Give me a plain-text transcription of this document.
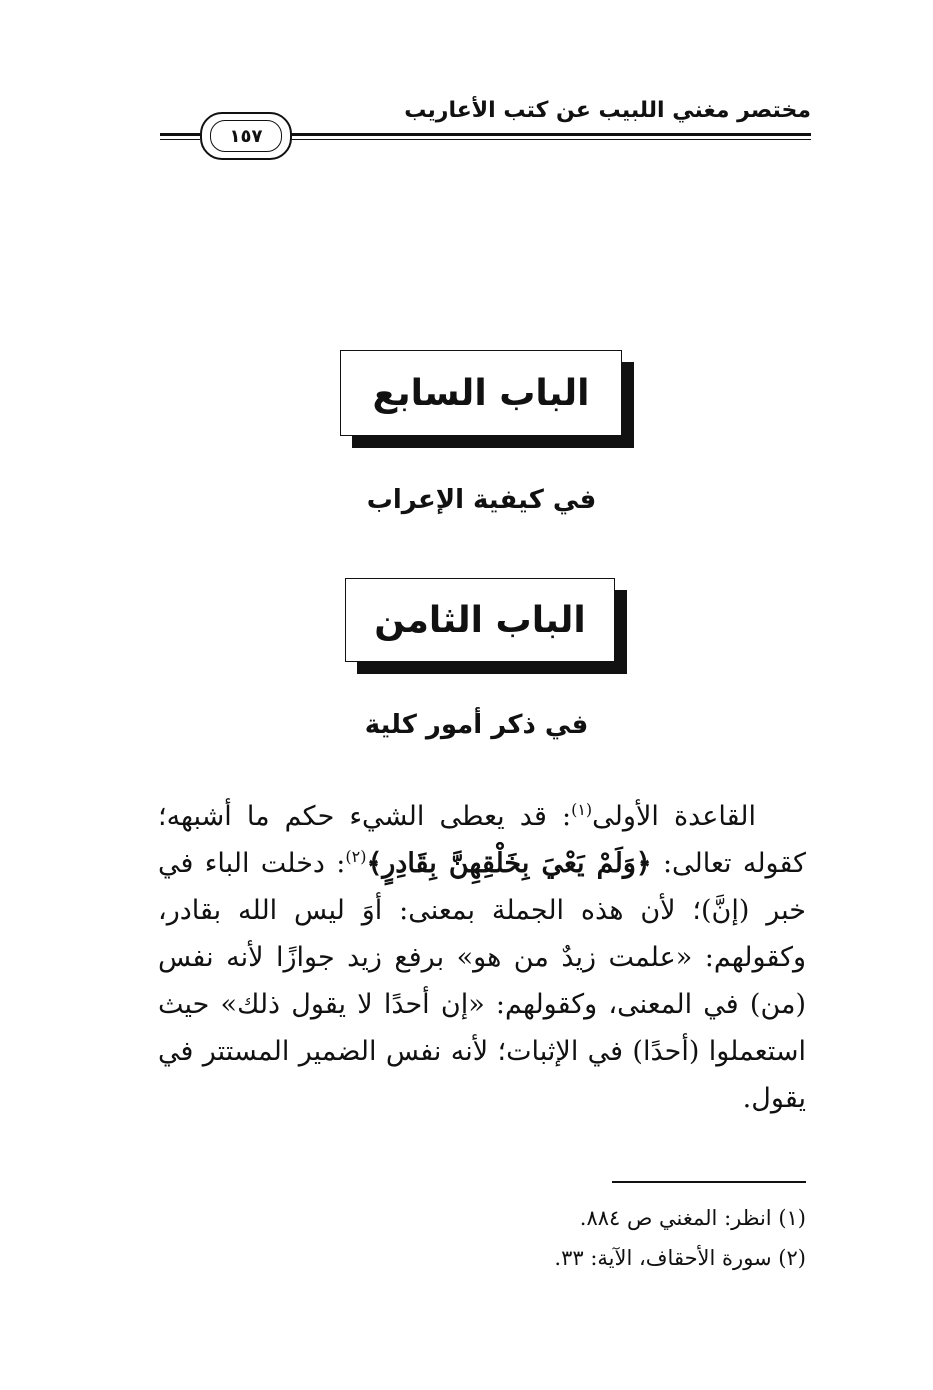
مختصر مغني اللبيب عن كتب الأعاريب
١٥٧
الباب السابع
في كيفية الإعراب
الباب الثامن
في ذكر أمور كلية

القاعدة الأولى$^{(١)}$: قد يعطى الشيء حكم ما أشبهه؛ كقوله تعالى: ﴿وَلَمْ يَعْيَ بِخَلْقِهِنَّ بِقَادِرٍ﴾$^{(٢)}$: دخلت الباء في خبر (إنَّ)؛ لأن هذه الجملة بمعنى: أوَ ليس الله بقادر، وكقولهم: «علمت زيدٌ من هو» برفع زيد جوازًا لأنه نفس (من) في المعنى، وكقولهم: «إن أحدًا لا يقول ذلك» حيث استعملوا (أحدًا) في الإثبات؛ لأنه نفس الضمير المستتر في يقول.

(١) انظر: المغني ص ٨٨٤.
(٢) سورة الأحقاف، الآية: ٣٣.
